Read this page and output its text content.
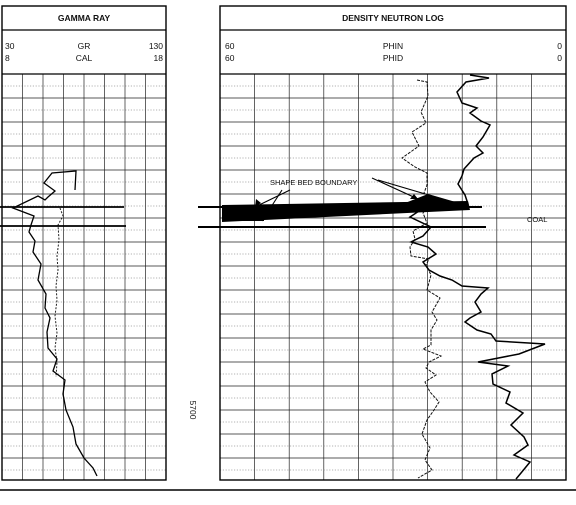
GAMMA RAY
30	GR	130
8	CAL	18
5700
DENSITY NEUTRON LOG
60	PHIN	0
60	PHID	0
SHAPE BED BOUNDARY
COAL
